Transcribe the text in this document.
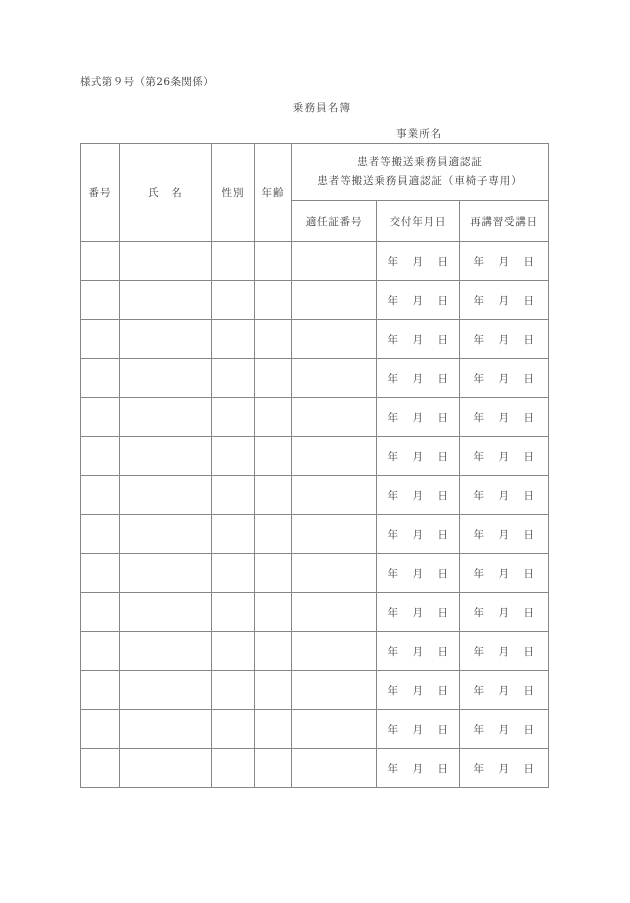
様式第９号（第26条関係）
乗務員名簿
事業所名
番号	氏　名	性別	年齢	患者等搬送乗務員適認証
患者等搬送乗務員適認証（車椅子専用）		

				適任証番号	交付年月日	再講習受講日
					年 月 日	年 月 日
					年 月 日	年 月 日
					年 月 日	年 月 日
					年 月 日	年 月 日
					年 月 日	年 月 日
					年 月 日	年 月 日
					年 月 日	年 月 日
					年 月 日	年 月 日
					年 月 日	年 月 日
					年 月 日	年 月 日
					年 月 日	年 月 日
					年 月 日	年 月 日
					年 月 日	年 月 日
					年 月 日	年 月 日
